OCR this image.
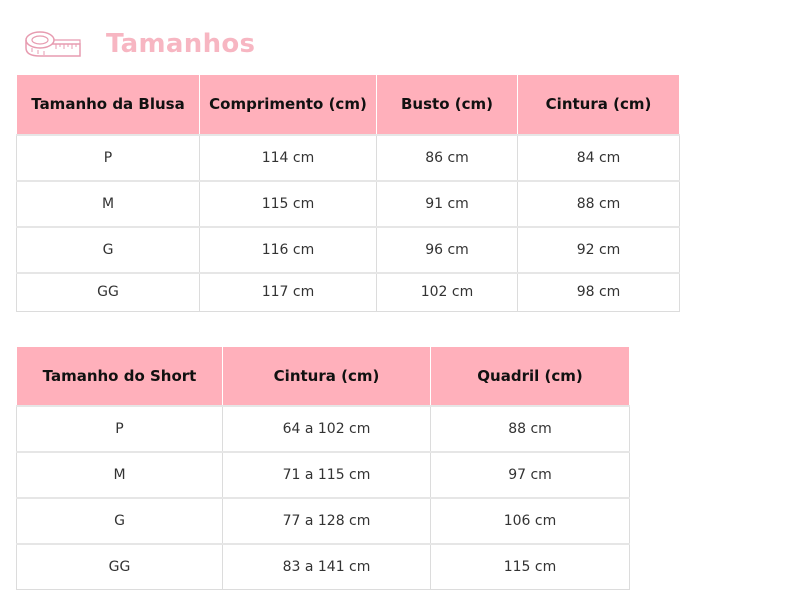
Tamanhos
Tamanho da Blusa	Comprimento (cm)	Busto (cm)	Cintura (cm)
P	114 cm	86 cm	84 cm
M	115 cm	91 cm	88 cm
G	116 cm	96 cm	92 cm
GG	117 cm	102 cm	98 cm
Tamanho do Short	Cintura (cm)	Quadril (cm)
P	64 a 102 cm	88 cm
M	71 a 115 cm	97 cm
G	77 a 128 cm	106 cm
GG	83 a 141 cm	115 cm
